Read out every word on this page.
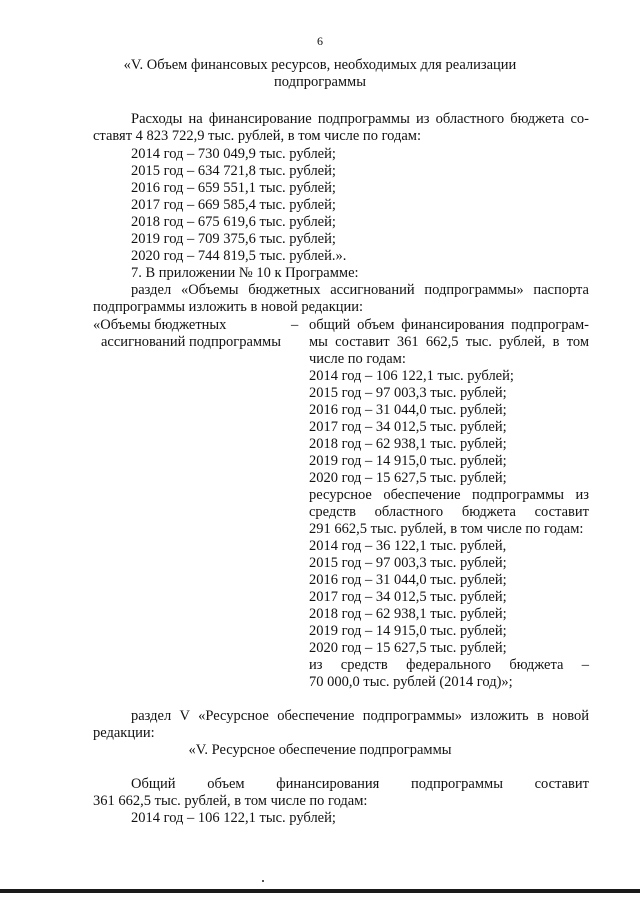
6
«V. Объем финансовых ресурсов, необходимых для реализации
подпрограммы
Расходы на финансирование подпрограммы из областного бюджета со-
ставят 4 823 722,9 тыс. рублей, в том числе по годам:
2014 год – 730 049,9 тыс. рублей;
2015 год – 634 721,8 тыс. рублей;
2016 год – 659 551,1 тыс. рублей;
2017 год – 669 585,4 тыс. рублей;
2018 год – 675 619,6 тыс. рублей;
2019 год – 709 375,6 тыс. рублей;
2020 год – 744 819,5 тыс. рублей.».
7. В приложении № 10 к Программе:
раздел «Объемы бюджетных ассигнований подпрограммы» паспорта
подпрограммы изложить в новой редакции:
«Объемы бюджетных
ассигнований подпрограммы
– общий объем финансирования подпрограм-
мы составит 361 662,5 тыс. рублей, в том
числе по годам:
2014 год – 106 122,1 тыс. рублей;
2015 год – 97 003,3 тыс. рублей;
2016 год – 31 044,0 тыс. рублей;
2017 год – 34 012,5 тыс. рублей;
2018 год – 62 938,1 тыс. рублей;
2019 год – 14 915,0 тыс. рублей;
2020 год – 15 627,5 тыс. рублей;
ресурсное обеспечение подпрограммы из
средств областного бюджета составит
291 662,5 тыс. рублей, в том числе по годам:
2014 год – 36 122,1 тыс. рублей,
2015 год – 97 003,3 тыс. рублей;
2016 год – 31 044,0 тыс. рублей;
2017 год – 34 012,5 тыс. рублей;
2018 год – 62 938,1 тыс. рублей;
2019 год – 14 915,0 тыс. рублей;
2020 год – 15 627,5 тыс. рублей;
из средств федерального бюджета –
70 000,0 тыс. рублей (2014 год)»;
раздел V «Ресурсное обеспечение подпрограммы» изложить в новой
редакции:
«V. Ресурсное обеспечение подпрограммы
Общий объем финансирования подпрограммы составит
361 662,5 тыс. рублей, в том числе по годам:
2014 год – 106 122,1 тыс. рублей;
